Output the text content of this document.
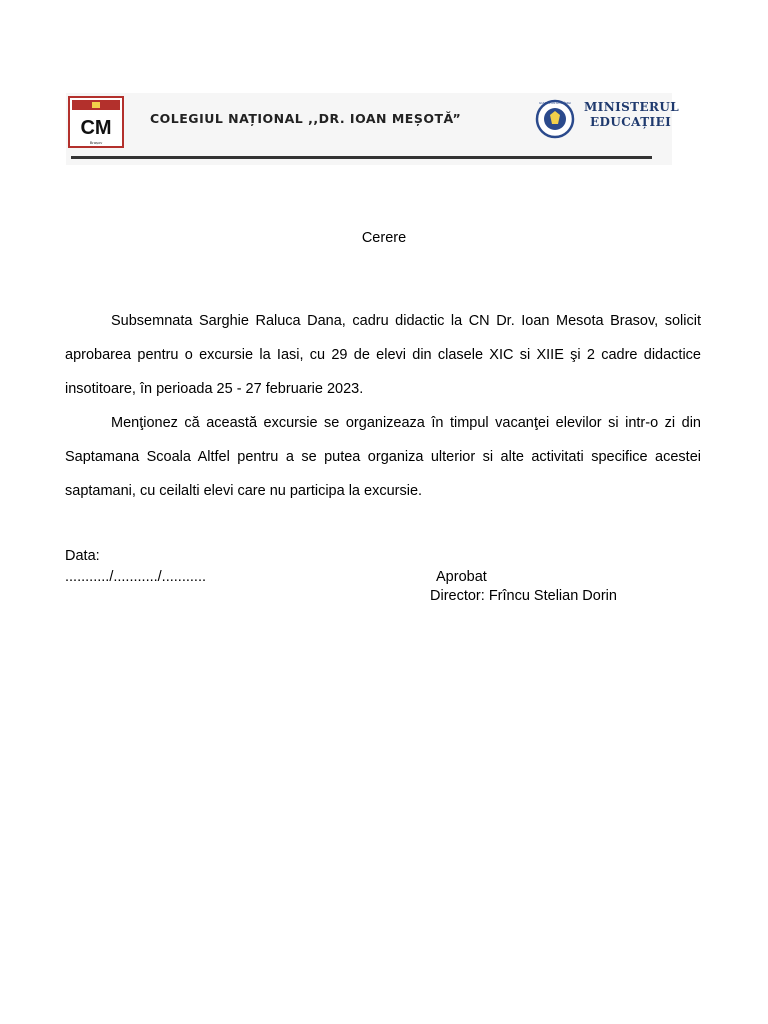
CM
Brașov
COLEGIUL NAȚIONAL ,,DR. IOAN MEȘOTĂ”
GUVERNUL ROMÂNIEI MINISTERUL
EDUCAȚIEI
Cerere

Subsemnata Sarghie Raluca Dana, cadru didactic la CN Dr. Ioan Mesota Brasov, solicit aprobarea pentru o excursie la Iasi, cu 29 de elevi din clasele XIC si XIIE şi 2 cadre didactice insotitoare, în perioada 25 - 27 februarie 2023.

Menţionez că această excursie se organizeaza în timpul vacanţei elevilor si intr-o zi din Saptamana Scoala Altfel pentru a se putea organiza ulterior si alte activitati specifice acestei saptamani, cu ceilalti elevi care nu participa la excursie.

Data:
.........../.........../...........	Aprobat
Director: Frîncu Stelian Dorin
